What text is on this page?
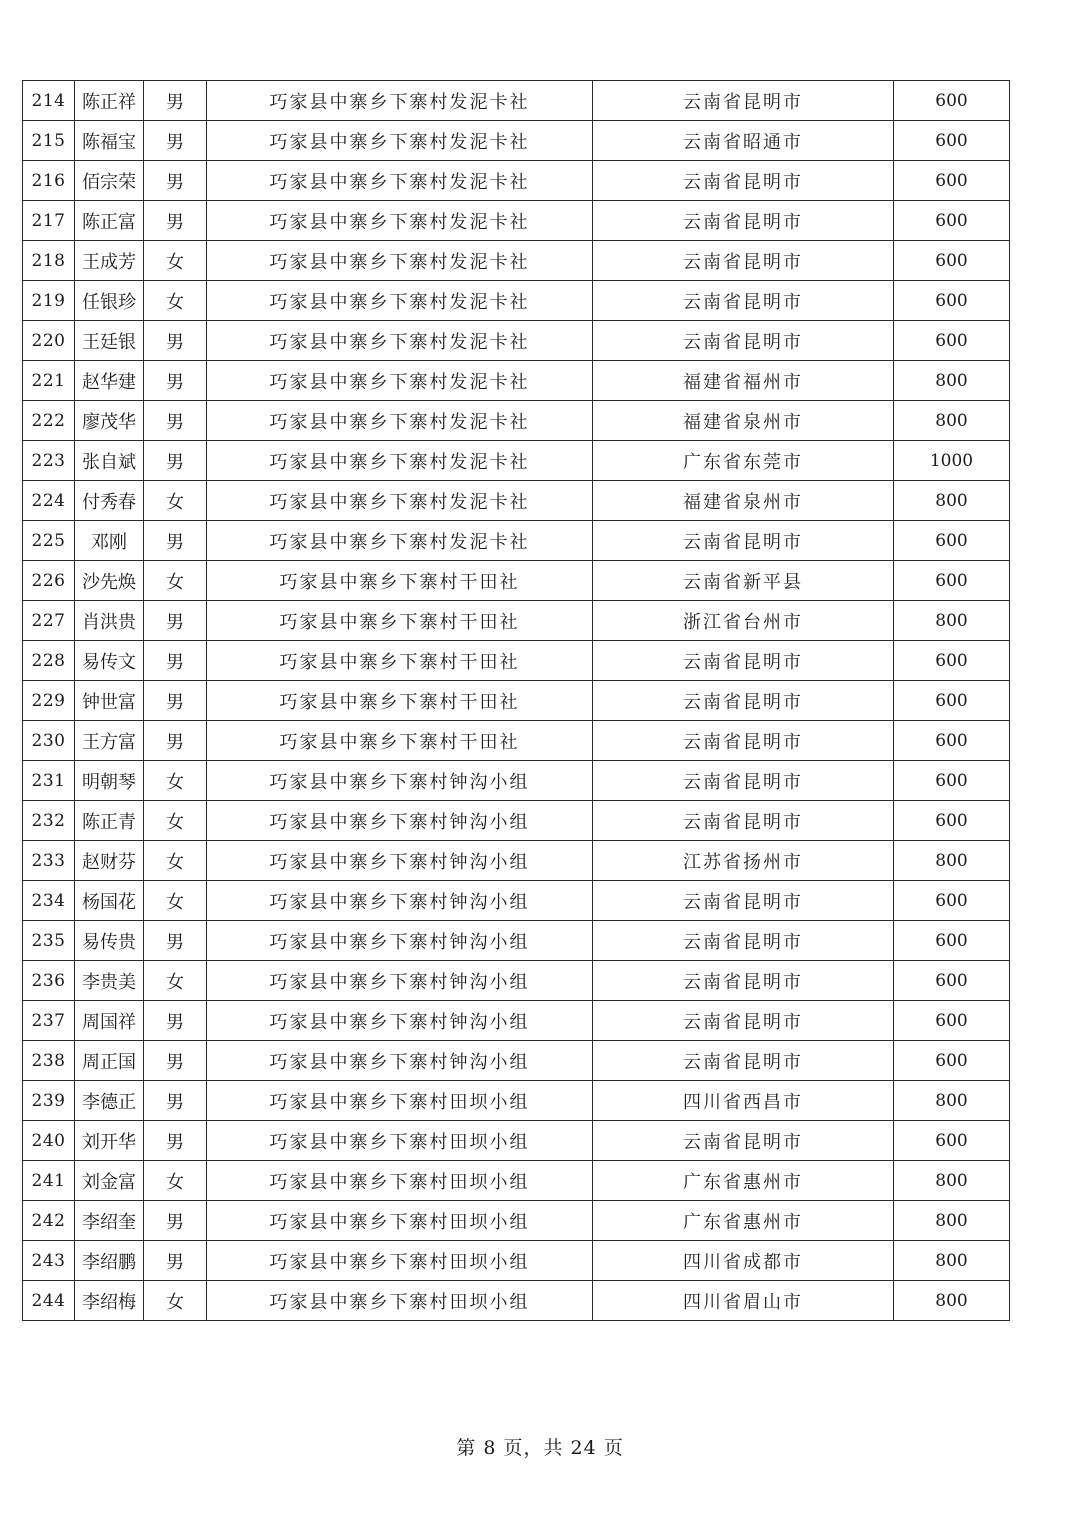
214	陈正祥	男	巧家县中寨乡下寨村发泥卡社	云南省昆明市	600
215	陈福宝	男	巧家县中寨乡下寨村发泥卡社	云南省昭通市	600
216	佰宗荣	男	巧家县中寨乡下寨村发泥卡社	云南省昆明市	600
217	陈正富	男	巧家县中寨乡下寨村发泥卡社	云南省昆明市	600
218	王成芳	女	巧家县中寨乡下寨村发泥卡社	云南省昆明市	600
219	任银珍	女	巧家县中寨乡下寨村发泥卡社	云南省昆明市	600
220	王廷银	男	巧家县中寨乡下寨村发泥卡社	云南省昆明市	600
221	赵华建	男	巧家县中寨乡下寨村发泥卡社	福建省福州市	800
222	廖茂华	男	巧家县中寨乡下寨村发泥卡社	福建省泉州市	800
223	张自斌	男	巧家县中寨乡下寨村发泥卡社	广东省东莞市	1000
224	付秀春	女	巧家县中寨乡下寨村发泥卡社	福建省泉州市	800
225	邓刚	男	巧家县中寨乡下寨村发泥卡社	云南省昆明市	600
226	沙先焕	女	巧家县中寨乡下寨村干田社	云南省新平县	600
227	肖洪贵	男	巧家县中寨乡下寨村干田社	浙江省台州市	800
228	易传文	男	巧家县中寨乡下寨村干田社	云南省昆明市	600
229	钟世富	男	巧家县中寨乡下寨村干田社	云南省昆明市	600
230	王方富	男	巧家县中寨乡下寨村干田社	云南省昆明市	600
231	明朝琴	女	巧家县中寨乡下寨村钟沟小组	云南省昆明市	600
232	陈正青	女	巧家县中寨乡下寨村钟沟小组	云南省昆明市	600
233	赵财芬	女	巧家县中寨乡下寨村钟沟小组	江苏省扬州市	800
234	杨国花	女	巧家县中寨乡下寨村钟沟小组	云南省昆明市	600
235	易传贵	男	巧家县中寨乡下寨村钟沟小组	云南省昆明市	600
236	李贵美	女	巧家县中寨乡下寨村钟沟小组	云南省昆明市	600
237	周国祥	男	巧家县中寨乡下寨村钟沟小组	云南省昆明市	600
238	周正国	男	巧家县中寨乡下寨村钟沟小组	云南省昆明市	600
239	李德正	男	巧家县中寨乡下寨村田坝小组	四川省西昌市	800
240	刘开华	男	巧家县中寨乡下寨村田坝小组	云南省昆明市	600
241	刘金富	女	巧家县中寨乡下寨村田坝小组	广东省惠州市	800
242	李绍奎	男	巧家县中寨乡下寨村田坝小组	广东省惠州市	800
243	李绍鹏	男	巧家县中寨乡下寨村田坝小组	四川省成都市	800
244	李绍梅	女	巧家县中寨乡下寨村田坝小组	四川省眉山市	800
第 8 页，共 24 页
